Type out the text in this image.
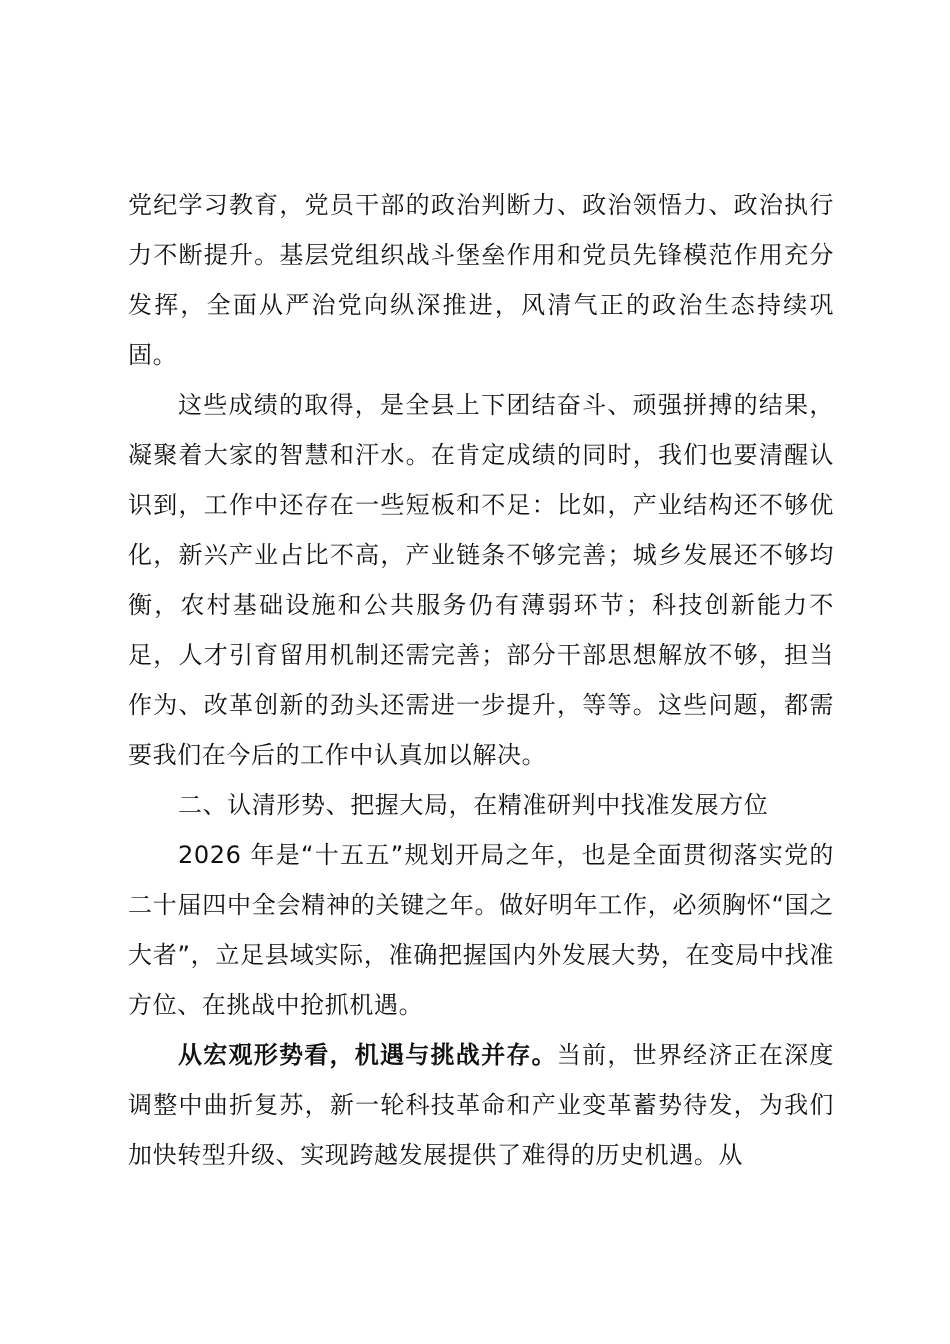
党纪学习教育，党员干部的政治判断力、政治领悟力、政治执行力不断提升。基层党组织战斗堡垒作用和党员先锋模范作用充分发挥，全面从严治党向纵深推进，风清气正的政治生态持续巩固。

这些成绩的取得，是全县上下团结奋斗、顽强拼搏的结果，凝聚着大家的智慧和汗水。在肯定成绩的同时，我们也要清醒认识到，工作中还存在一些短板和不足：比如，产业结构还不够优化，新兴产业占比不高，产业链条不够完善；城乡发展还不够均衡，农村基础设施和公共服务仍有薄弱环节；科技创新能力不足，人才引育留用机制还需完善；部分干部思想解放不够，担当作为、改革创新的劲头还需进一步提升，等等。这些问题，都需要我们在今后的工作中认真加以解决。

二、认清形势、把握大局，在精准研判中找准发展方位

2026 年是“十五五”规划开局之年，也是全面贯彻落实党的二十届四中全会精神的关键之年。做好明年工作，必须胸怀“国之大者”，立足县域实际，准确把握国内外发展大势，在变局中找准方位、在挑战中抢抓机遇。

从宏观形势看，机遇与挑战并存。当前，世界经济正在深度调整中曲折复苏，新一轮科技革命和产业变革蓄势待发，为我们加快转型升级、实现跨越发展提供了难得的历史机遇。从
